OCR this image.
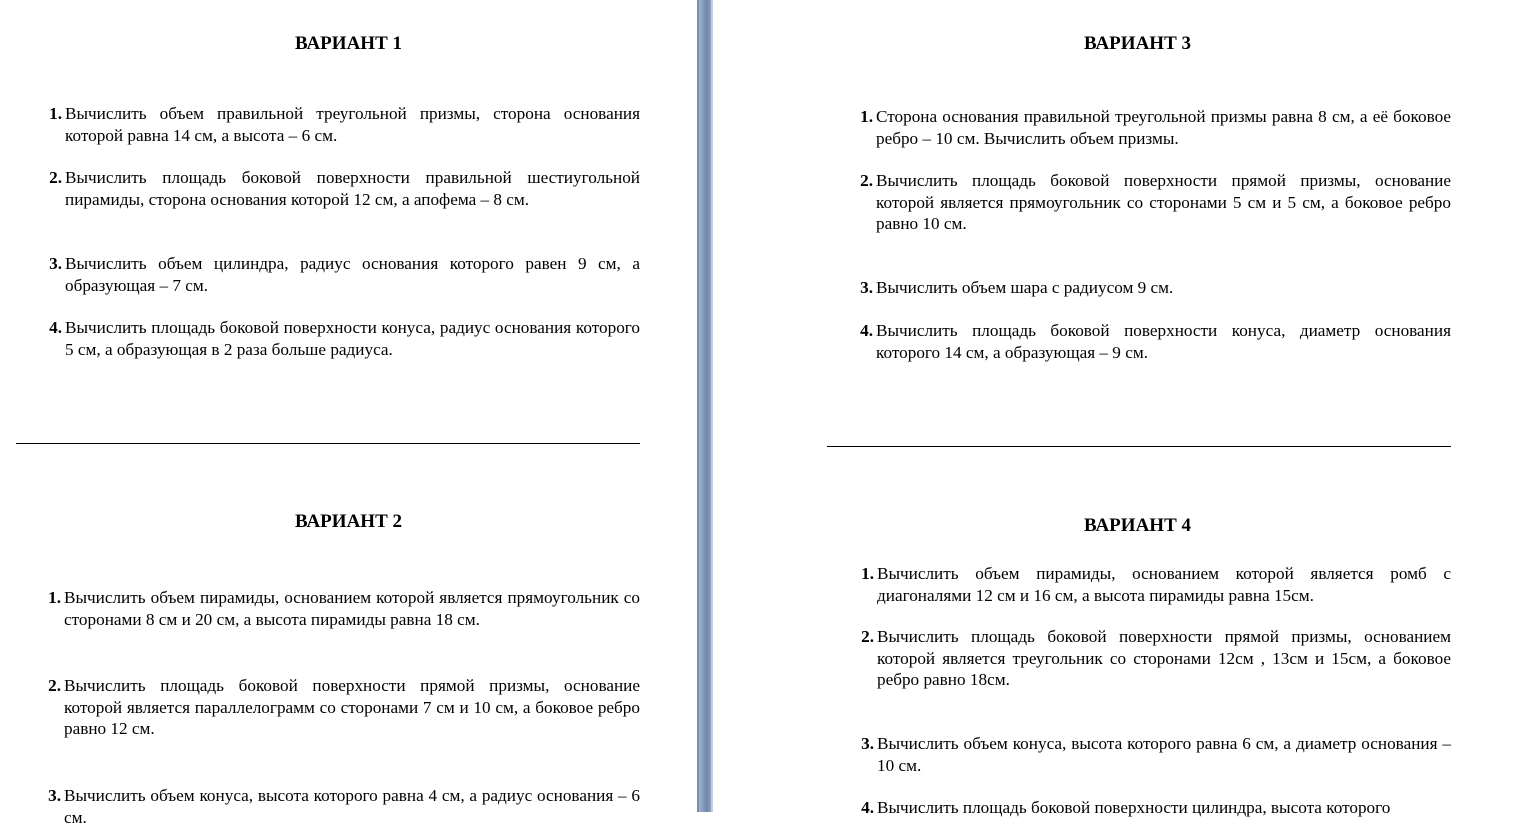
ВАРИАНТ 1
1. Вычислить объем правильной треугольной призмы, сторона основания которой равна 14 см, а высота – 6 см.
2. Вычислить площадь боковой поверхности правильной шестиугольной пирамиды, сторона основания которой 12 см, а апофема – 8 см.
3. Вычислить объем цилиндра, радиус основания которого равен 9 см, а образующая – 7 см.
4. Вычислить площадь боковой поверхности конуса, радиус основания которого 5 см, а образующая в 2 раза больше радиуса.
ВАРИАНТ 2
1. Вычислить объем пирамиды, основанием которой является прямоугольник со сторонами 8 см и 20 см, а высота пирамиды равна 18 см.
2. Вычислить площадь боковой поверхности прямой призмы, основание которой является параллелограмм со сторонами 7 см и 10 см, а боковое ребро равно 12 см.
3. Вычислить объем конуса, высота которого равна 4 см, а радиус основания – 6 см.
ВАРИАНТ 3
1. Сторона основания правильной треугольной призмы равна 8 см, а её боковое ребро – 10 см. Вычислить объем призмы.
2. Вычислить площадь боковой поверхности прямой призмы, основание которой является прямоугольник со сторонами 5 см и 5 см, а боковое ребро равно 10 см.
3. Вычислить объем шара с радиусом 9 см.
4. Вычислить площадь боковой поверхности конуса, диаметр основания которого 14 см, а образующая – 9 см.
ВАРИАНТ 4
1. Вычислить объем пирамиды, основанием которой является ромб с диагоналями 12 см и 16 см, а высота пирамиды равна 15см.
2. Вычислить площадь боковой поверхности прямой призмы, основанием которой является треугольник со сторонами 12см , 13см и 15см, а боковое ребро равно 18см.
3. Вычислить объем конуса, высота которого равна 6 см, а диаметр основания – 10 см.
4. Вычислить площадь боковой поверхности цилиндра, высота которого
